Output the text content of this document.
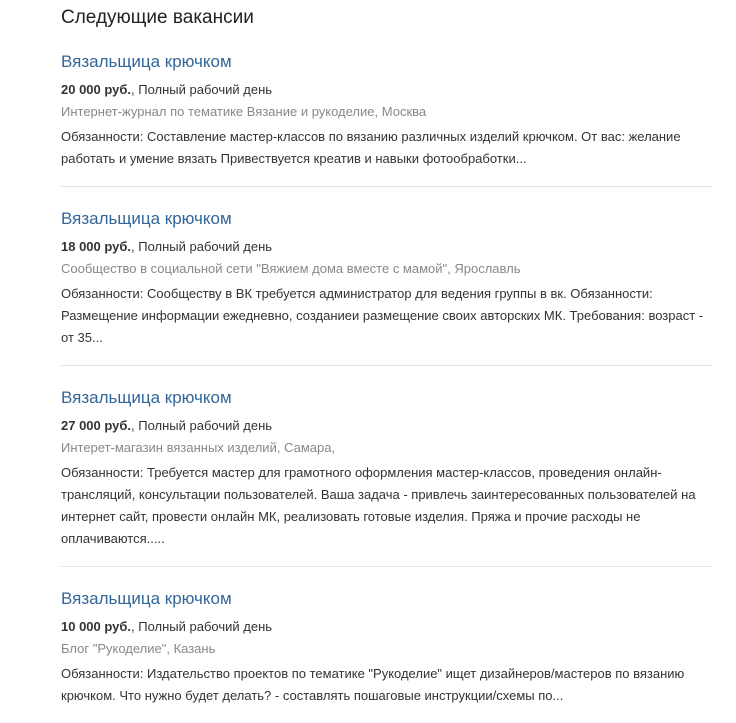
Следующие вакансии
Вязальщица крючком
20 000 руб., Полный рабочий день
Интернет-журнал по тематике Вязание и рукоделие, Москва
Обязанности: Составление мастер-классов по вязанию различных изделий крючком. От вас: желание работать и умение вязать Привествуется креатив и навыки фотообработки...
Вязальщица крючком
18 000 руб., Полный рабочий день
Сообщество в социальной сети "Вяжием дома вместе с мамой", Ярославль
Обязанности: Сообществу в ВК требуется администратор для ведения группы в вк. Обязанности: Размещение информации ежедневно, созданиеи размещение своих авторских МК. Требования: возраст - от 35...
Вязальщица крючком
27 000 руб., Полный рабочий день
Интерет-магазин вязанных изделий, Самара,
Обязанности: Требуется мастер для грамотного оформления мастер-классов, проведения онлайн-трансляций, консультации пользователей. Ваша задача - привлечь заинтересованных пользователей на интернет сайт, провести онлайн МК, реализовать готовые изделия. Пряжа и прочие расходы не оплачиваются.....
Вязальщица крючком
10 000 руб., Полный рабочий день
Блог "Рукоделие", Казань
Обязанности: Издательство проектов по тематике "Рукоделие" ищет дизайнеров/мастеров по вязанию крючком. Что нужно будет делать? - составлять пошаговые инструкции/схемы по...
